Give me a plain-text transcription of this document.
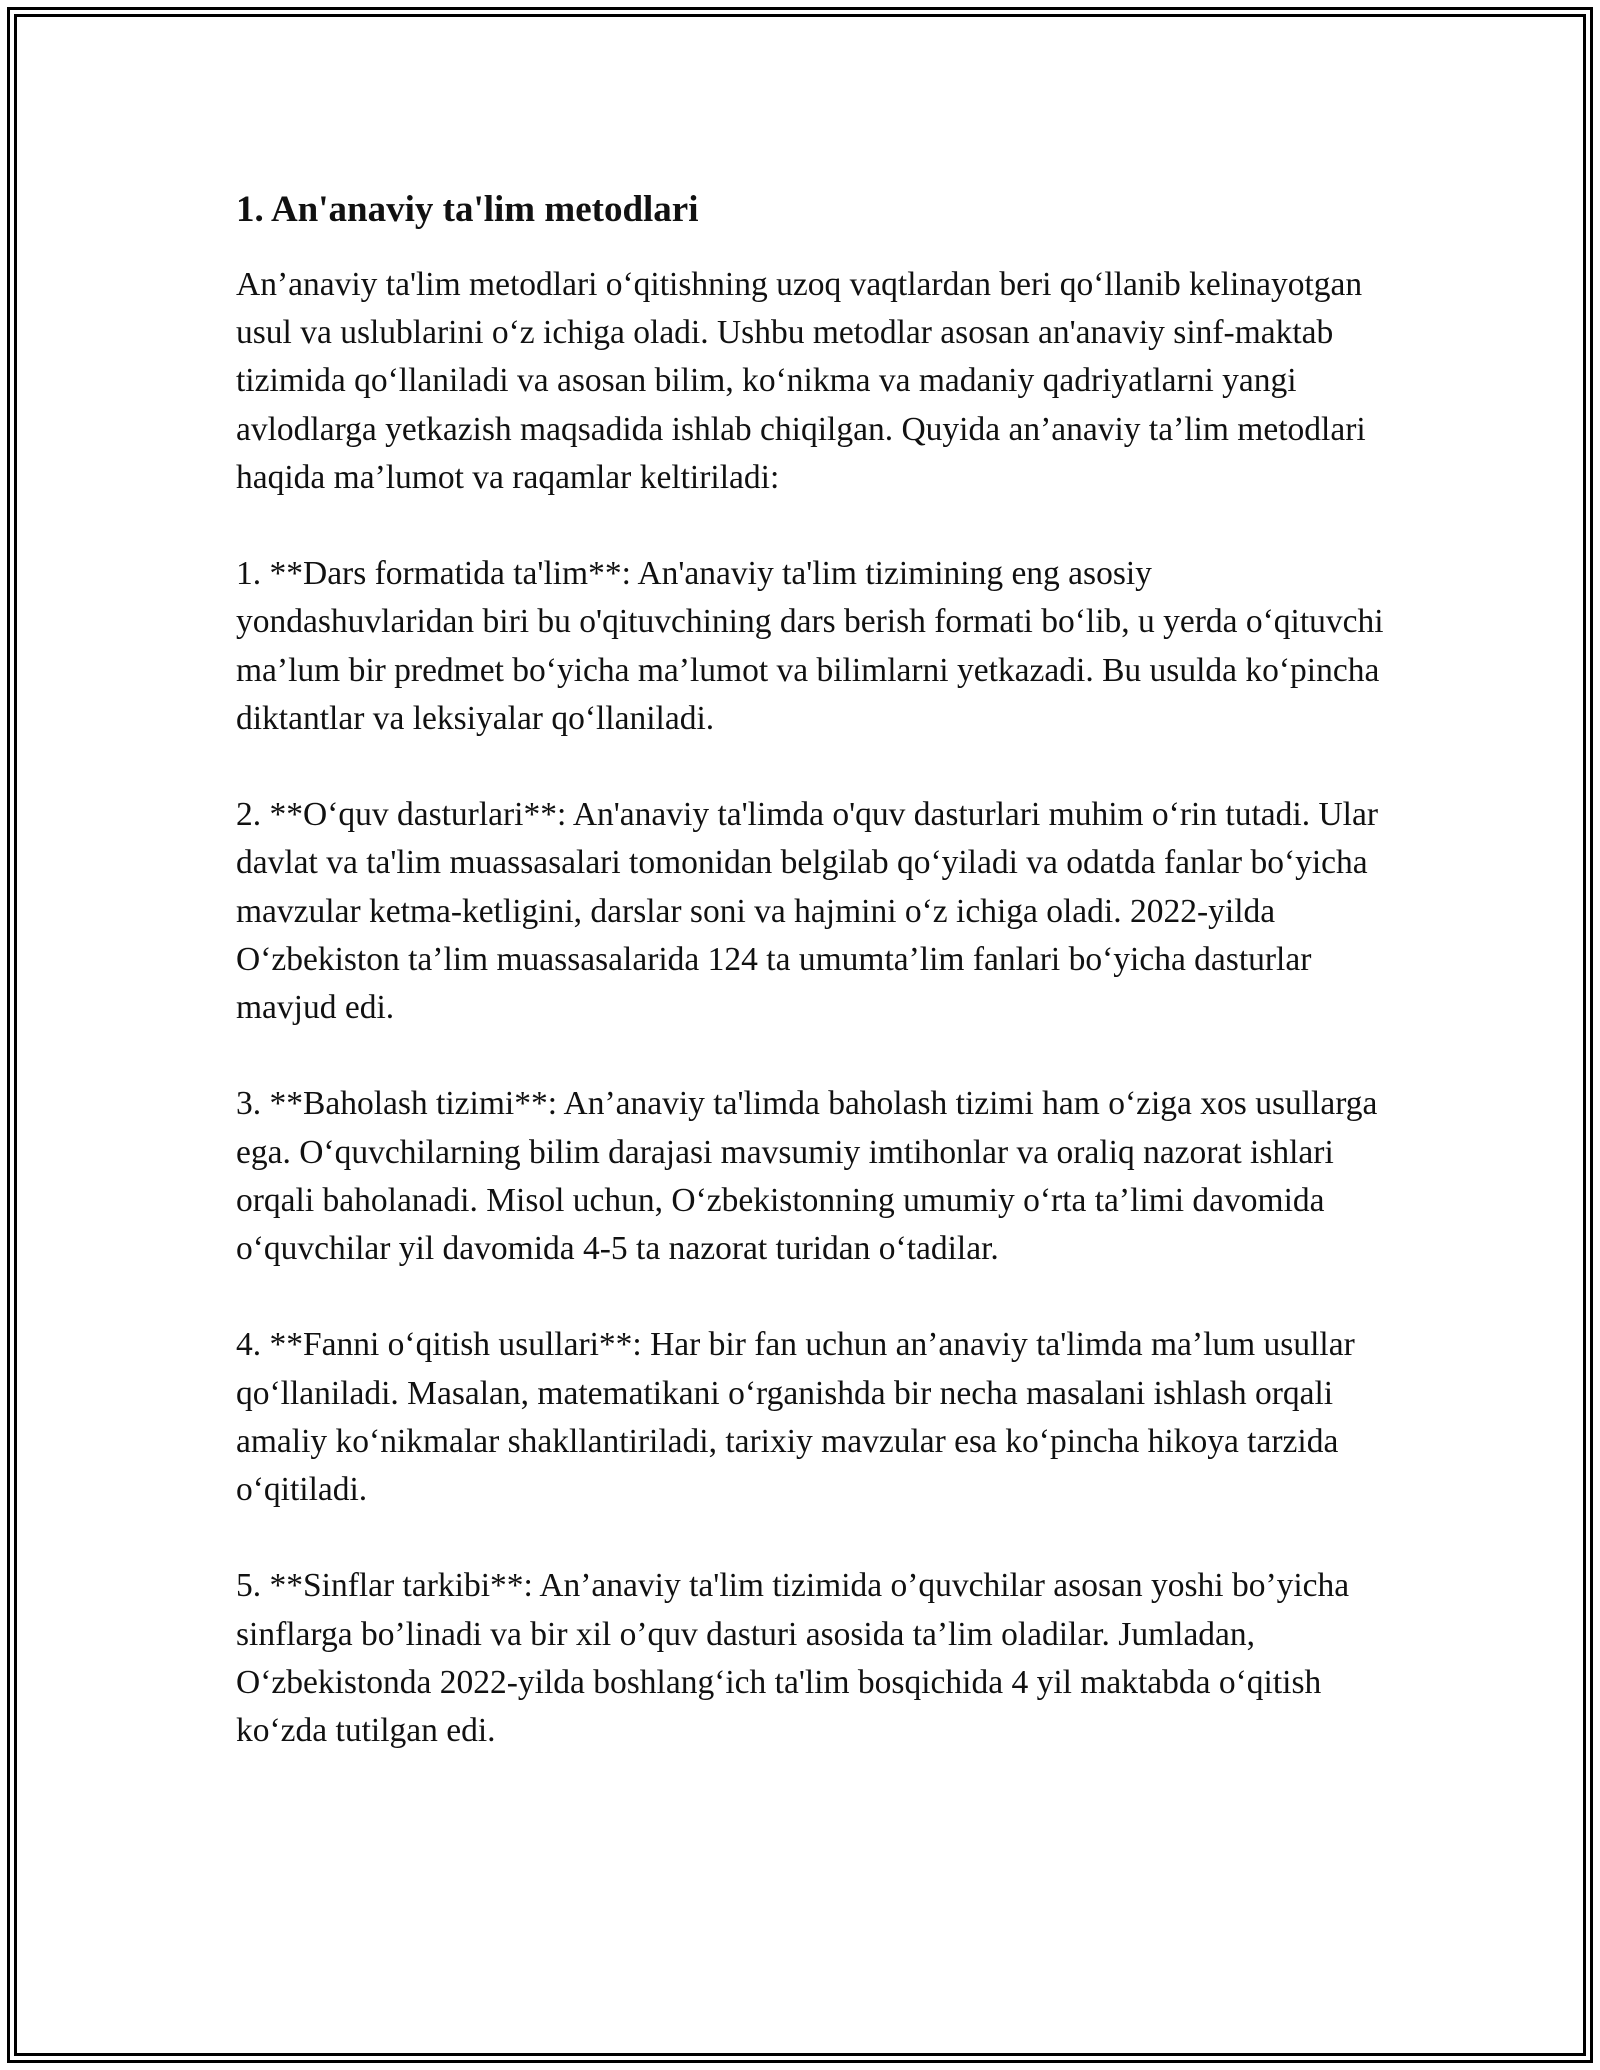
1. An'anaviy ta'lim metodlari

An’anaviy ta'lim metodlari o‘qitishning uzoq vaqtlardan beri qo‘llanib kelinayotgan usul va uslublarini o‘z ichiga oladi. Ushbu metodlar asosan an'anaviy sinf-maktab tizimida qo‘llaniladi va asosan bilim, ko‘nikma va madaniy qadriyatlarni yangi avlodlarga yetkazish maqsadida ishlab chiqilgan. Quyida an’anaviy ta’lim metodlari haqida ma’lumot va raqamlar keltiriladi:

1. **Dars formatida ta'lim**: An'anaviy ta'lim tizimining eng asosiy yondashuvlaridan biri bu o'qituvchining dars berish formati bo‘lib, u yerda o‘qituvchi ma’lum bir predmet bo‘yicha ma’lumot va bilimlarni yetkazadi. Bu usulda ko‘pincha diktantlar va leksiyalar qo‘llaniladi.

2. **O‘quv dasturlari**: An'anaviy ta'limda o'quv dasturlari muhim o‘rin tutadi. Ular davlat va ta'lim muassasalari tomonidan belgilab qo‘yiladi va odatda fanlar bo‘yicha mavzular ketma-ketligini, darslar soni va hajmini o‘z ichiga oladi. 2022-yilda O‘zbekiston ta’lim muassasalarida 124 ta umumta’lim fanlari bo‘yicha dasturlar mavjud edi.

3. **Baholash tizimi**: An’anaviy ta'limda baholash tizimi ham o‘ziga xos usullarga ega. O‘quvchilarning bilim darajasi mavsumiy imtihonlar va oraliq nazorat ishlari orqali baholanadi. Misol uchun, O‘zbekistonning umumiy o‘rta ta’limi davomida o‘quvchilar yil davomida 4-5 ta nazorat turidan o‘tadilar.

4. **Fanni o‘qitish usullari**: Har bir fan uchun an’anaviy ta'limda ma’lum usullar qo‘llaniladi. Masalan, matematikani o‘rganishda bir necha masalani ishlash orqali amaliy ko‘nikmalar shakllantiriladi, tarixiy mavzular esa ko‘pincha hikoya tarzida o‘qitiladi.

5. **Sinflar tarkibi**: An’anaviy ta'lim tizimida o’quvchilar asosan yoshi bo’yicha sinflarga bo’linadi va bir xil o’quv dasturi asosida ta’lim oladilar. Jumladan, O‘zbekistonda 2022-yilda boshlang‘ich ta'lim bosqichida 4 yil maktabda o‘qitish ko‘zda tutilgan edi.
